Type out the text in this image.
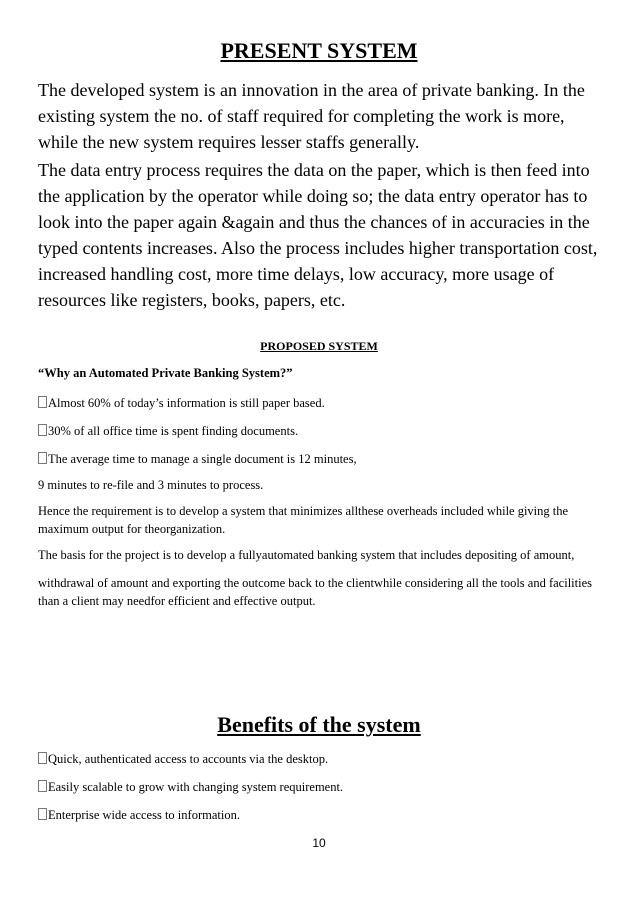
PRESENT SYSTEM

The developed system is an innovation in the area of private banking. In the existing system the no. of staff required for completing the work is more, while the new system requires lesser staffs generally.

The data entry process requires the data on the paper, which is then feed into the application by the operator while doing so; the data entry operator has to look into the paper again &again and thus the chances of in accuracies in the typed contents increases. Also the process includes higher transportation cost, increased handling cost, more time delays, low accuracy, more usage of resources like registers, books, papers, etc.

PROPOSED SYSTEM

“Why an Automated Private Banking System?”

Almost 60% of today’s information is still paper based.

30% of all office time is spent finding documents.

The average time to manage a single document is 12 minutes,

9 minutes to re-file and 3 minutes to process.

Hence the requirement is to develop a system that minimizes allthese overheads included while giving the maximum output for theorganization.

The basis for the project is to develop a fullyautomated banking system that includes depositing of amount,

withdrawal of amount and exporting the outcome back to the clientwhile considering all the tools and facilities than a client may needfor efficient and effective output.

Benefits of the system

Quick, authenticated access to accounts via the desktop.

Easily scalable to grow with changing system requirement.

Enterprise wide access to information.

10
